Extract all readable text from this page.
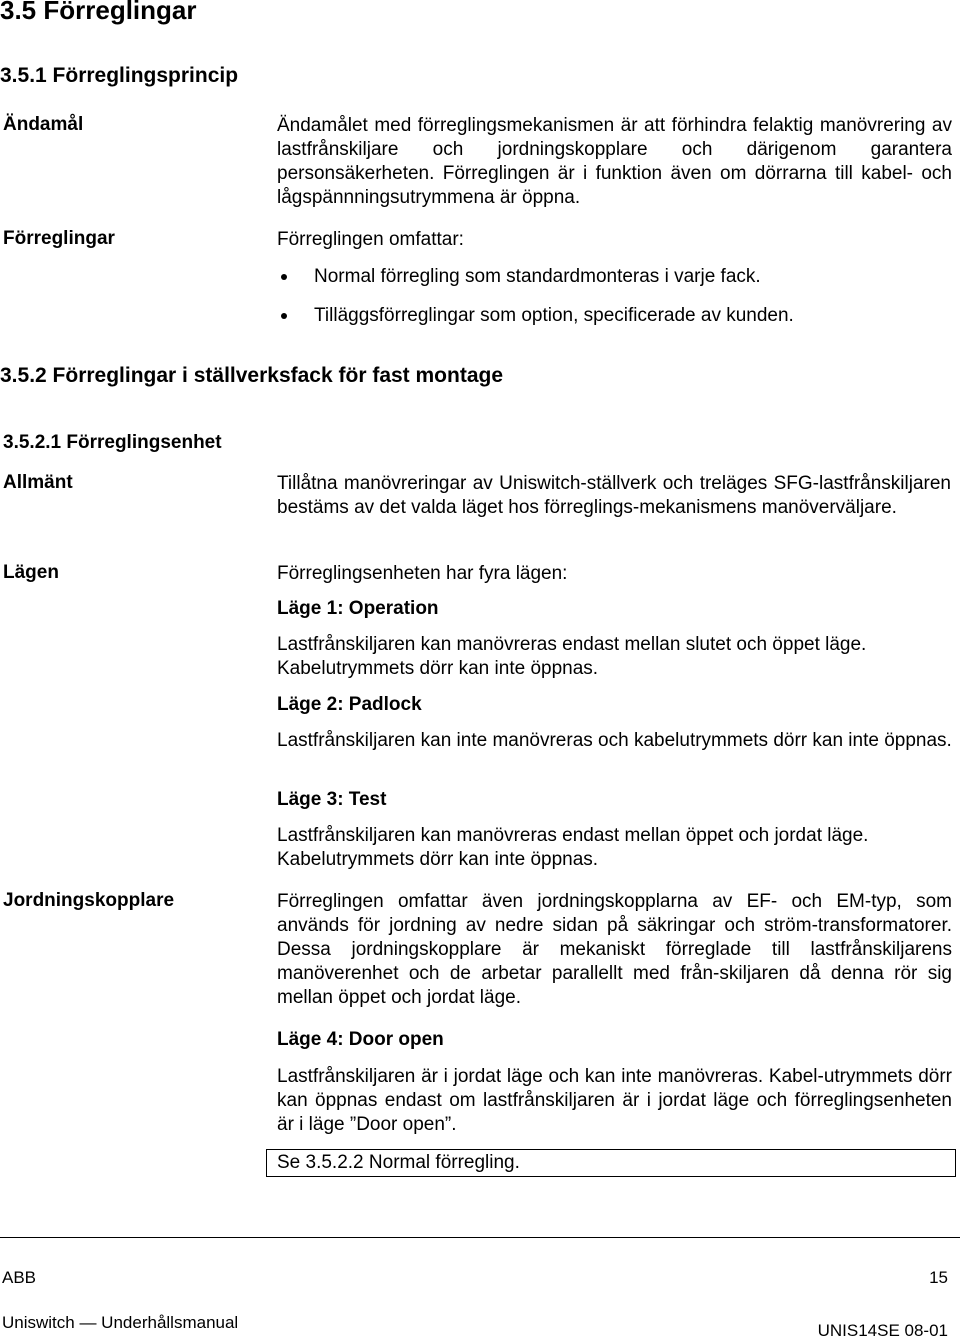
3.5 Förreglingar
3.5.1 Förreglingsprincip
Ändamål	Ändamålet med förreglingsmekanismen är att förhindra felaktig manövrering av lastfrånskiljare och jordningskopplare och därigenom garantera personsäkerheten. Förreglingen är i funktion även om dörrarna till kabel- och lågspännningsutrymmena är öppna.
Förreglingar	Förreglingen omfattar:
Normal förregling som standardmonteras i varje fack.
Tilläggsförreglingar som option, specificerade av kunden.
3.5.2 Förreglingar i ställverksfack för fast montage
3.5.2.1 Förreglingsenhet
Allmänt	Tillåtna manövreringar av Uniswitch-ställverk och treläges SFG-lastfrånskiljaren bestäms av det valda läget hos förreglings-mekanismens manöverväljare.
Lägen	Förreglingsenheten har fyra lägen:
Läge 1: Operation
Lastfrånskiljaren kan manövreras endast mellan slutet och öppet läge. Kabelutrymmets dörr kan inte öppnas.
Läge 2: Padlock
Lastfrånskiljaren kan inte manövreras och kabelutrymmets dörr kan inte öppnas.
Läge 3: Test
Lastfrånskiljaren kan manövreras endast mellan öppet och jordat läge. Kabelutrymmets dörr kan inte öppnas.
Jordningskopplare	Förreglingen omfattar även jordningskopplarna av EF- och EM-typ, som används för jordning av nedre sidan på säkringar och ström-transformatorer. Dessa jordningskopplare är mekaniskt förreglade till lastfrånskiljarens manöverenhet och de arbetar parallellt med från-skiljaren då denna rör sig mellan öppet och jordat läge.
Läge 4: Door open
Lastfrånskiljaren är i jordat läge och kan inte manövreras. Kabel-utrymmets dörr kan öppnas endast om lastfrånskiljaren är i jordat läge och förreglingsenheten är i läge ”Door open”.
Se 3.5.2.2 Normal förregling.
ABB	15
Uniswitch — Underhållsmanual	UNIS14SE 08-01
